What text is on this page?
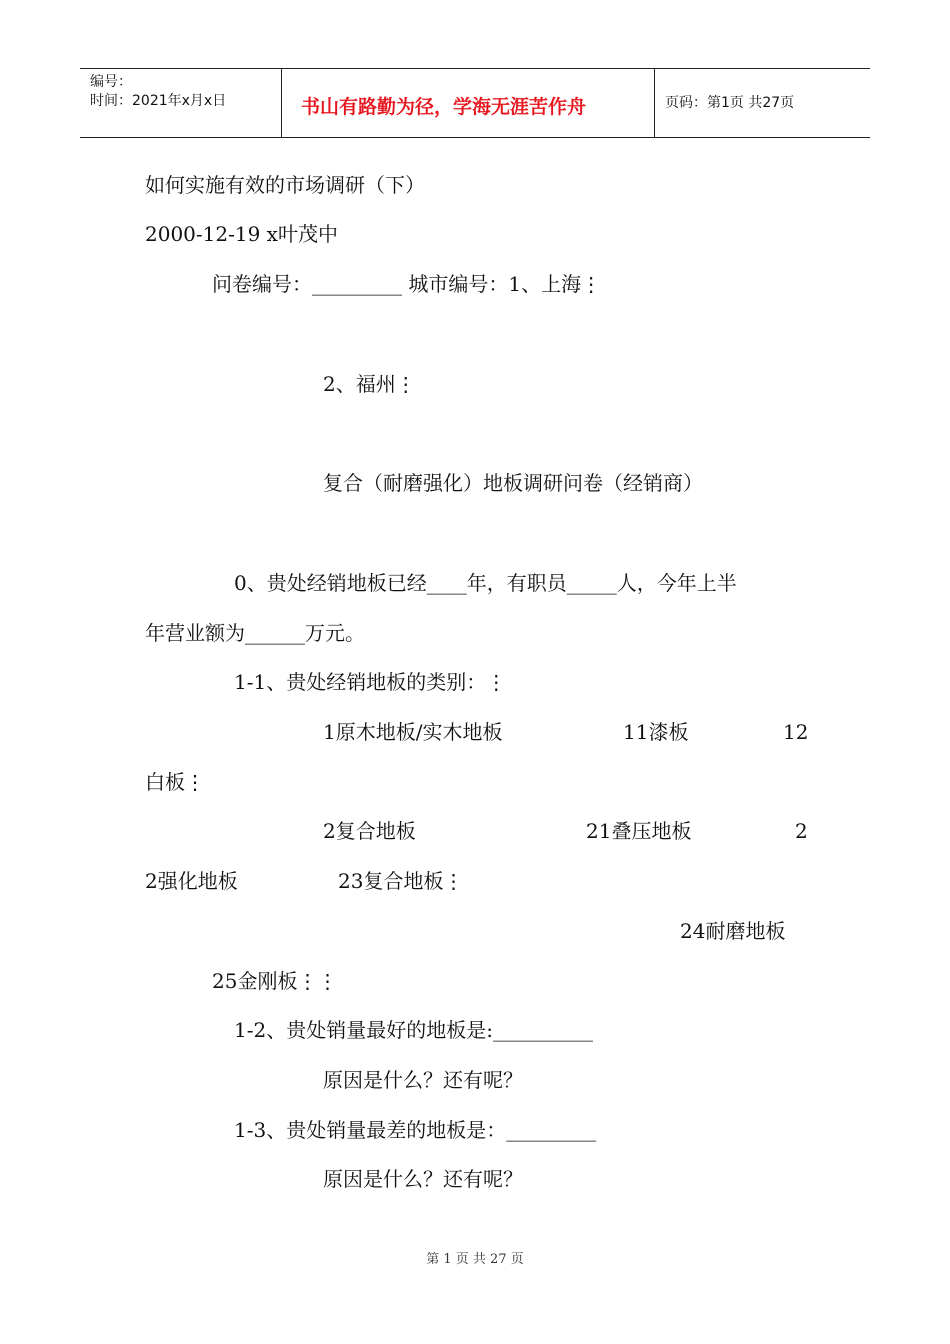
编号：
时间：2021年x月x日	书山有路勤为径，学海无涯苦作舟	页码：第1页 共27页
如何实施有效的市场调研（下）
2000-12-19 x叶茂中
问卷编号：_________ 城市编号：1、上海⋮
2、福州⋮
复合（耐磨强化）地板调研问卷（经销商）
0、贵处经销地板已经____年，有职员_____人，今年上半
年营业额为______万元。
1-1、贵处经销地板的类别：⋮
1原木地板/实木地板	11漆板	12
白板⋮
2复合地板	21叠压地板	2
2强化地板	23复合地板⋮
24耐磨地板
25金刚板⋮⋮
1-2、贵处销量最好的地板是:__________
原因是什么？还有呢？
1-3、贵处销量最差的地板是：_________
原因是什么？还有呢？
第 1 页 共 27 页
